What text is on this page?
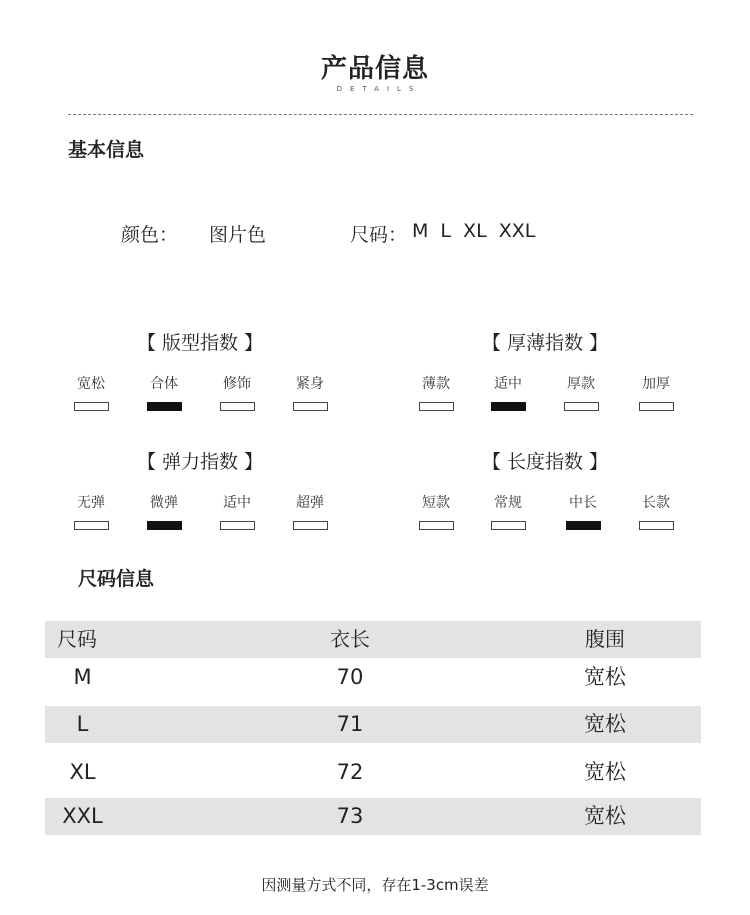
产品信息
DETAILS
基本信息
颜色： 图片色	尺码： M L XL XXL
【 版型指数 】	【 厚薄指数 】
【 弹力指数 】	【 长度指数 】
宽松	合体	修饰	紧身	薄款	适中	厚款	加厚
无弹	微弹	适中	超弹	短款	常规	中长	长款
尺码信息
尺码	衣长	腹围
M	70	宽松
L	71	宽松
XL	72	宽松
XXL	73	宽松
因测量方式不同，存在1-3cm误差
